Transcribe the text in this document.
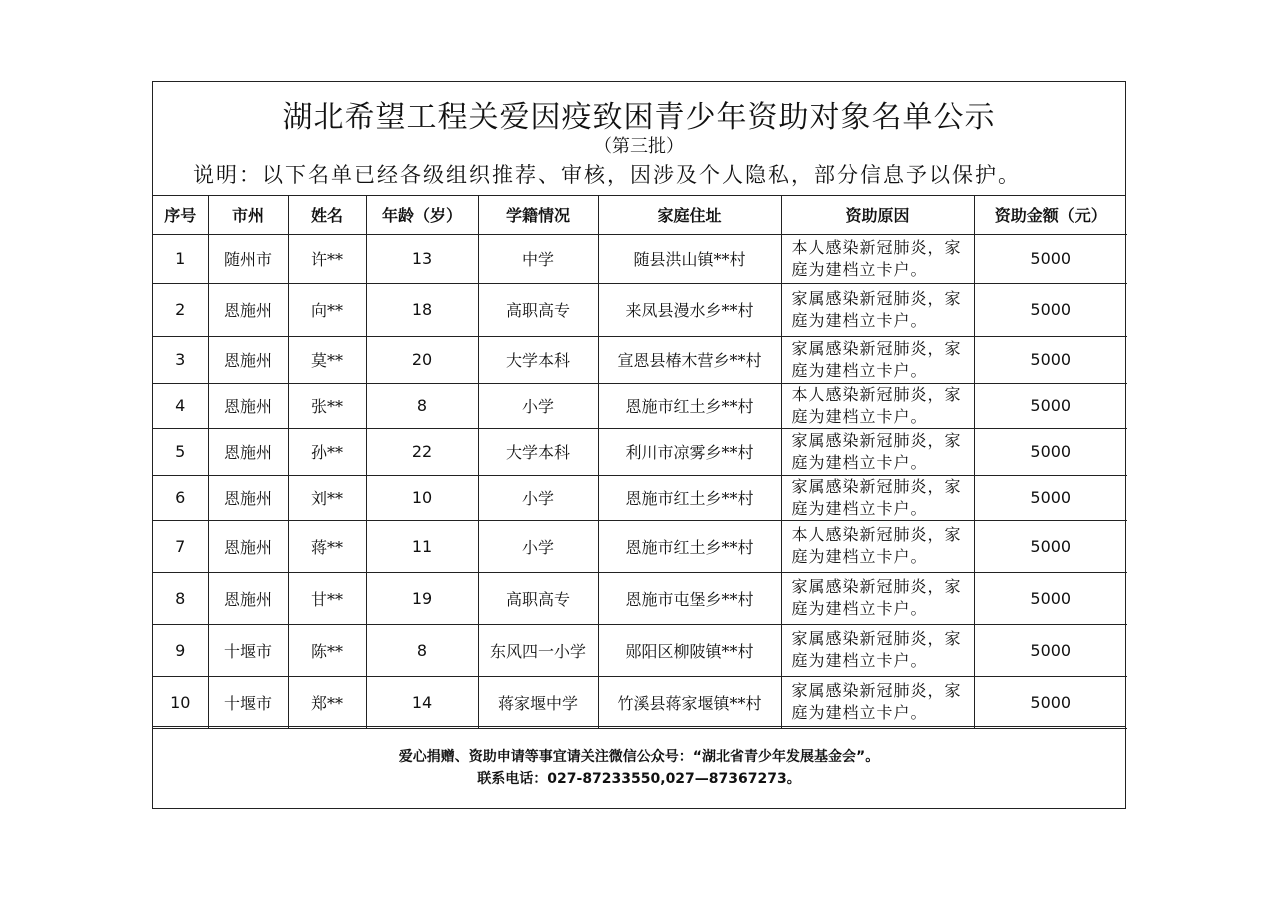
湖北希望工程关爱因疫致困青少年资助对象名单公示
（第三批）
说明：以下名单已经各级组织推荐、审核，因涉及个人隐私，部分信息予以保护。
序号	市州	姓名	年龄（岁）	学籍情况	家庭住址	资助原因	资助金额（元）
1	随州市	许**	13	中学	随县洪山镇**村	本人感染新冠肺炎，家庭为建档立卡户。	5000
2	恩施州	向**	18	高职高专	来凤县漫水乡**村	家属感染新冠肺炎，家庭为建档立卡户。	5000
3	恩施州	莫**	20	大学本科	宣恩县椿木营乡**村	家属感染新冠肺炎，家庭为建档立卡户。	5000
4	恩施州	张**	8	小学	恩施市红土乡**村	本人感染新冠肺炎，家庭为建档立卡户。	5000
5	恩施州	孙**	22	大学本科	利川市凉雾乡**村	家属感染新冠肺炎，家庭为建档立卡户。	5000
6	恩施州	刘**	10	小学	恩施市红土乡**村	家属感染新冠肺炎，家庭为建档立卡户。	5000
7	恩施州	蒋**	11	小学	恩施市红土乡**村	本人感染新冠肺炎，家庭为建档立卡户。	5000
8	恩施州	甘**	19	高职高专	恩施市屯堡乡**村	家属感染新冠肺炎，家庭为建档立卡户。	5000
9	十堰市	陈**	8	东风四一小学	郧阳区柳陂镇**村	家属感染新冠肺炎，家庭为建档立卡户。	5000
10	十堰市	郑**	14	蒋家堰中学	竹溪县蒋家堰镇**村	家属感染新冠肺炎，家庭为建档立卡户。	5000
爱心捐赠、资助申请等事宜请关注微信公众号：“湖北省青少年发展基金会”。
联系电话：027-87233550,027—87367273。
